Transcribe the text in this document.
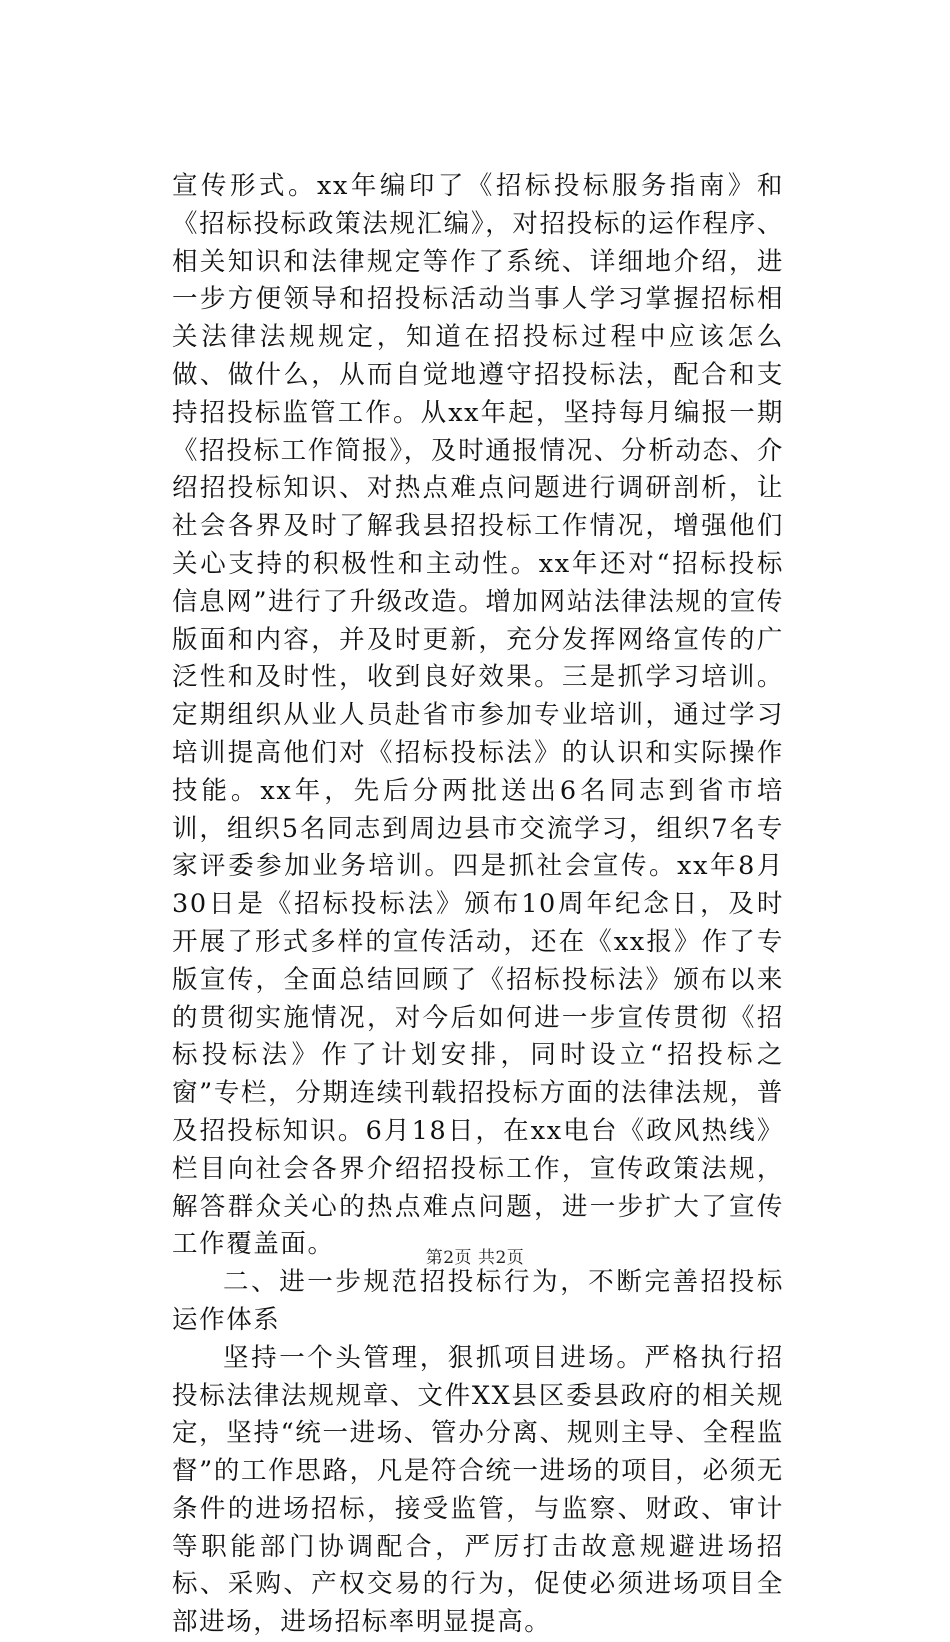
宣传形式。xx年编印了《招标投标服务指南》和《招标投标政策法规汇编》，对招投标的运作程序、相关知识和法律规定等作了系统、详细地介绍，进一步方便领导和招投标活动当事人学习掌握招标相关法律法规规定，知道在招投标过程中应该怎么做、做什么，从而自觉地遵守招投标法，配合和支持招投标监管工作。从xx年起，坚持每月编报一期《招投标工作简报》，及时通报情况、分析动态、介绍招投标知识、对热点难点问题进行调研剖析，让社会各界及时了解我县招投标工作情况，增强他们关心支持的积极性和主动性。xx年还对“招标投标信息网”进行了升级改造。增加网站法律法规的宣传版面和内容，并及时更新，充分发挥网络宣传的广泛性和及时性，收到良好效果。三是抓学习培训。定期组织从业人员赴省市参加专业培训，通过学习培训提高他们对《招标投标法》的认识和实际操作技能。xx年，先后分两批送出6名同志到省市培训，组织5名同志到周边县市交流学习，组织7名专家评委参加业务培训。四是抓社会宣传。xx年8月30日是《招标投标法》颁布10周年纪念日，及时开展了形式多样的宣传活动，还在《xx报》作了专版宣传，全面总结回顾了《招标投标法》颁布以来的贯彻实施情况，对今后如何进一步宣传贯彻《招标投标法》作了计划安排，同时设立“招投标之窗”专栏，分期连续刊载招投标方面的法律法规，普及招投标知识。6月18日，在xx电台《政风热线》栏目向社会各界介绍招投标工作，宣传政策法规，解答群众关心的热点难点问题，进一步扩大了宣传工作覆盖面。

二、进一步规范招投标行为，不断完善招投标运作体系

坚持一个头管理，狠抓项目进场。严格执行招投标法律法规规章、文件XX县区委县政府的相关规定，坚持“统一进场、管办分离、规则主导、全程监督”的工作思路，凡是符合统一进场的项目，必须无条件的进场招标，接受监管，与监察、财政、审计等职能部门协调配合，严厉打击故意规避进场招标、采购、产权交易的行为，促使必须进场项目全部进场，进场招标率明显提高。

第2页 共2页
